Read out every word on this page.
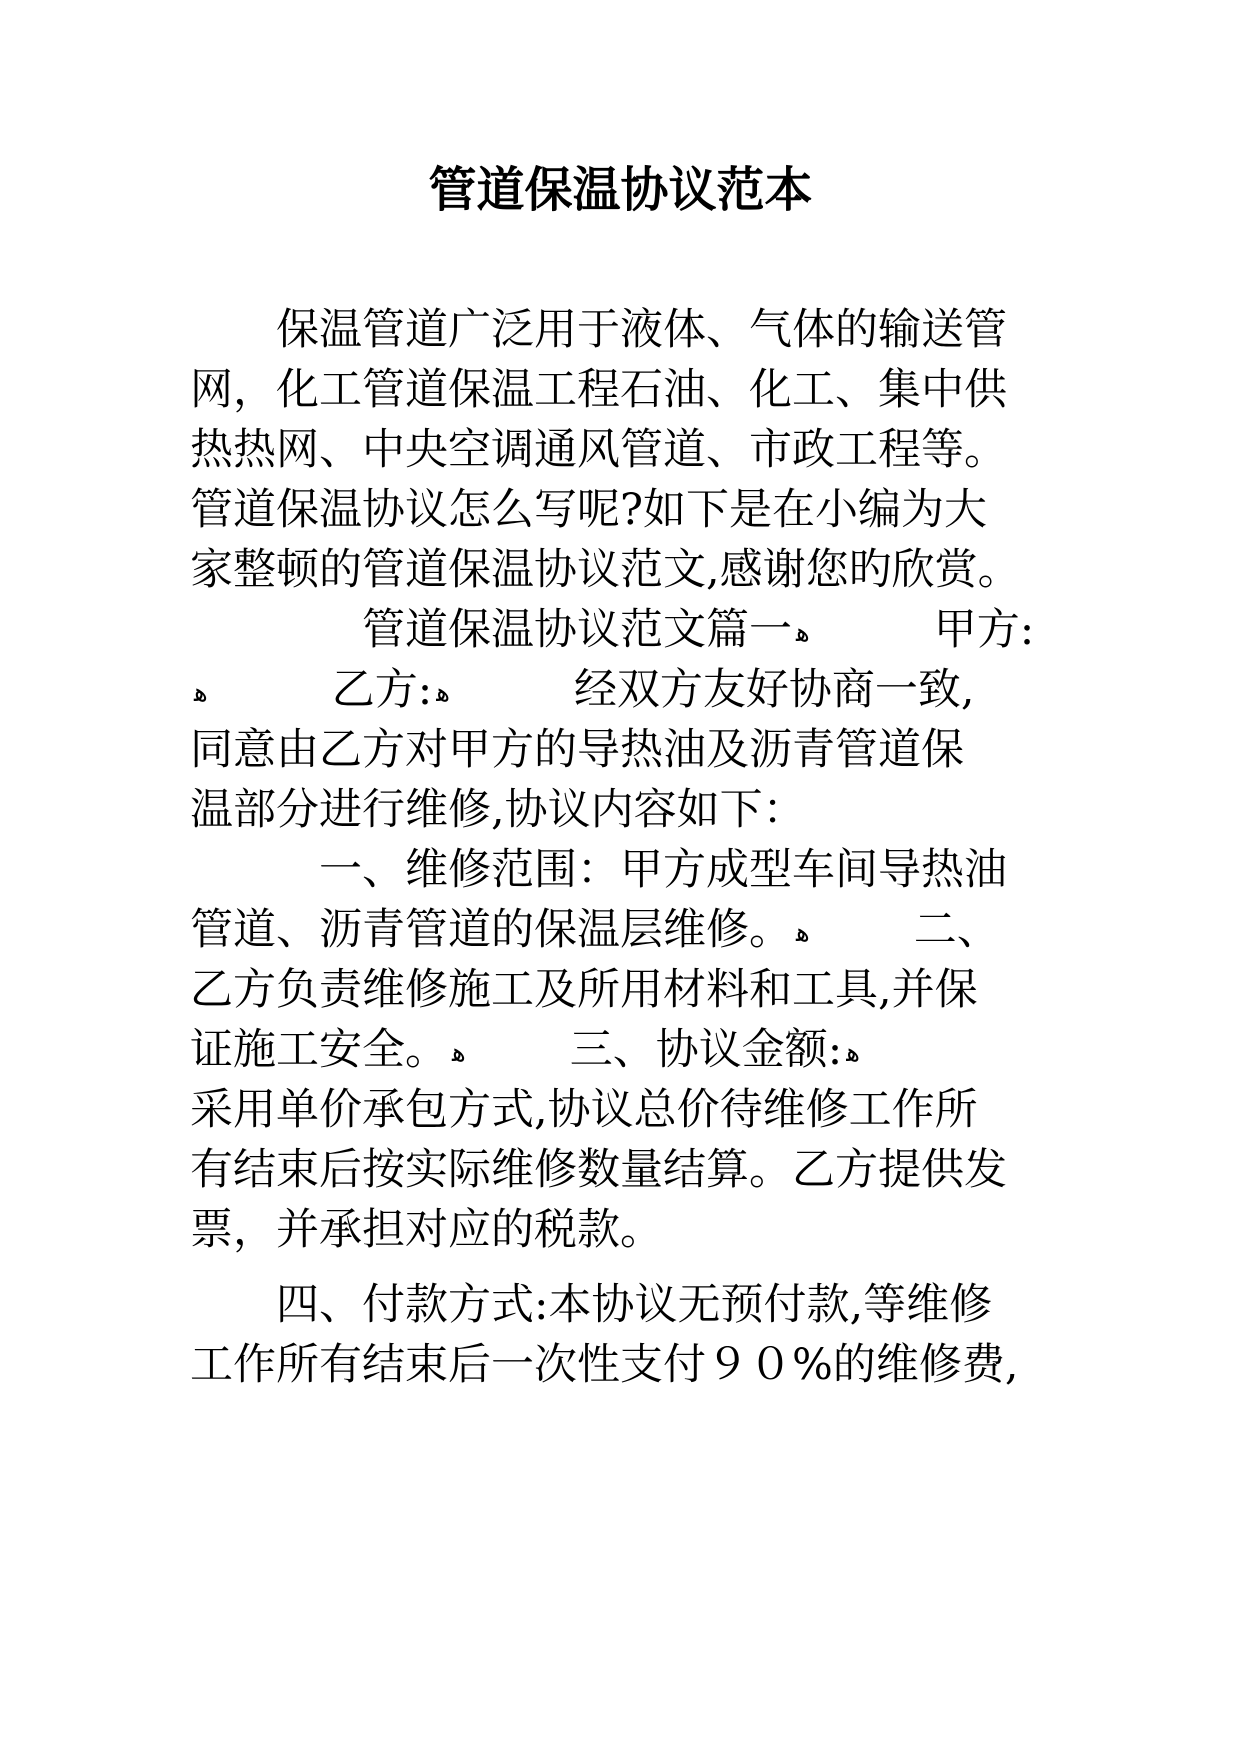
管道保温协议范本
　　保温管道广泛用于液体、气体的输送管
网，化工管道保温工程石油、化工、集中供
热热网、中央空调通风管道、市政工程等。
管道保温协议怎么写呢?如下是在小编为大
家整顿的管道保温协议范文,感谢您旳欣赏。
　　　　管道保温协议范文篇一 ﻫ	甲方:
ﻫ	乙方: ﻫ	经双方友好协商一致,
同意由乙方对甲方的导热油及沥青管道保
温部分进行维修,协议内容如下：
　　　一、维修范围：甲方成型车间导热油
管道、沥青管道的保温层维修。 ﻫ 二、
乙方负责维修施工及所用材料和工具,并保
证施工安全。 ﻫ 三、协议金额: ﻫ
采用单价承包方式,协议总价待维修工作所
有结束后按实际维修数量结算。乙方提供发
票，并承担对应的税款。
　　四、付款方式:本协议无预付款,等维修
工作所有结束后一次性支付９０%的维修费,
